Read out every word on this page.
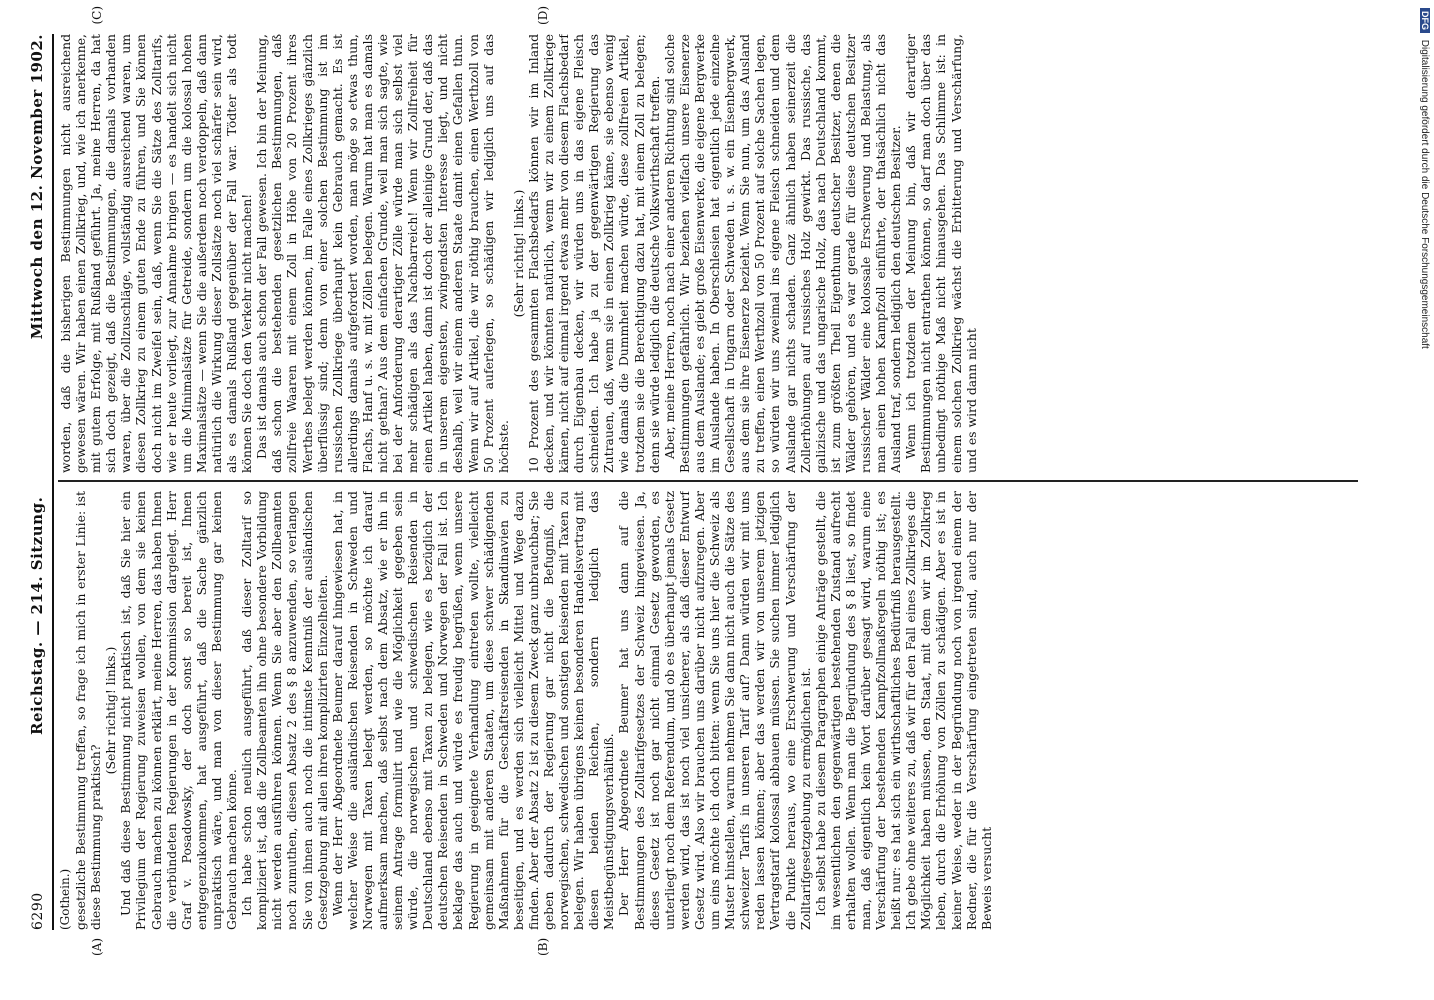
6290
Reichstag. — 214. Sitzung.
Mittwoch den 12. November 1902.

(Gothein.) gesetzliche Bestimmung treffen, so frage ich mich in erster Linie: ist diese Bestimmung praktisch?

(Sehr richtig! links.) Und daß diese Bestimmung nicht praktisch ist, daß Sie hier ein Privilegium der Regierung zuweisen wollen, von dem sie keinen Gebrauch machen zu können erklärt, meine Herren, das haben Ihnen die verbündeten Regierungen in der Kommission dargelegt. Herr Graf v. Posadowsky, der doch sonst so bereit ist, Ihnen entgegenzukommen, hat ausgeführt, daß die Sache gänzlich unpraktisch wäre, und man von dieser Bestimmung gar keinen Gebrauch machen könne. Ich habe schon neulich ausgeführt, daß dieser Zolltarif so kompliziert ist, daß die Zollbeamten ihn ohne besondere Vorbildung nicht werden ausführen können. Wenn Sie aber den Zollbeamten noch zumuthen, diesen Absatz 2 des § 8 anzuwenden, so verlangen Sie von ihnen auch noch die intimste Kenntniß der ausländischen Gesetzgebung mit allen ihren komplizirten Einzelheiten. Wenn der Herr Abgeordnete Beumer darauf hingewiesen hat, in welcher Weise die ausländischen Reisenden in Schweden und Norwegen mit Taxen belegt werden, so möchte ich darauf aufmerksam machen, daß selbst nach dem Absatz, wie er ihn in seinem Antrage formulirt und wie die Möglichkeit gegeben sein würde, die norwegischen und schwedischen Reisenden in Deutschland ebenso mit Taxen zu belegen, wie es bezüglich der deutschen Reisenden in Schweden und Norwegen der Fall ist. Ich beklage das auch und würde es freudig begrüßen, wenn unsere Regierung in geeignete Verhandlung eintreten wollte, vielleicht gemeinsam mit anderen Staaten, um diese schwer schädigenden Maßnahmen für die Geschäftsreisenden in Skandinavien zu beseitigen, und es werden sich vielleicht Mittel und Wege dazu finden. Aber der Absatz 2 ist zu diesem Zweck ganz unbrauchbar; Sie geben dadurch der Regierung gar nicht die Befugniß, die norwegischen, schwedischen und sonstigen Reisenden mit Taxen zu belegen. Wir haben übrigens keinen besonderen Handelsvertrag mit diesen beiden Reichen, sondern lediglich das Meistbegünstigungsverhältniß. Der Herr Abgeordnete Beumer hat uns dann auf die Bestimmungen des Zolltarifgesetzes der Schweiz hingewiesen. Ja, dieses Gesetz ist noch gar nicht einmal Gesetz geworden, es unterliegt noch dem Referendum, und ob es überhaupt jemals Gesetz werden wird, das ist noch viel unsicherer, als daß dieser Entwurf Gesetz wird. Also wir brauchen uns darüber nicht aufzuregen. Aber um eins möchte ich doch bitten: wenn Sie uns hier die Schweiz als Muster hinstellen, warum nehmen Sie dann nicht auch die Sätze des schweizer Tarifs in unseren Tarif auf? Dann würden wir mit uns reden lassen können; aber das werden wir von unserem jetzigen Vertragstarif kolossal abbauen müssen. Sie suchen immer lediglich die Punkte heraus, wo eine Erschwerung und Verschärfung der Zolltarifgesetzgebung zu ermöglichen ist. Ich selbst habe zu diesem Paragraphen einige Anträge gestellt, die im wesentlichen den gegenwärtigen bestehenden Zustand aufrecht erhalten wollen. Wenn man die Begründung des § 8 liest, so findet man, daß eigentlich kein Wort darüber gesagt wird, warum eine Verschärfung der bestehenden Kampfzollmaßregeln nöthig ist; es heißt nur: es hat sich ein wirthschaftliches Bedürfniß herausgestellt. Ich gebe ohne weiteres zu, daß wir für den Fall eines Zollkrieges die Möglichkeit haben müssen, den Staat, mit dem wir im Zollkrieg leben, durch die Erhöhung von Zöllen zu schädigen. Aber es ist in keiner Weise, weder in der Begründung noch von irgend einem der Redner, die für die Verschärfung eingetreten sind, auch nur der Beweis versucht

worden, daß die bisherigen Bestimmungen nicht ausreichend gewesen wären. Wir haben einen Zollkrieg, und, wie ich anerkenne, mit gutem Erfolge, mit Rußland geführt. Ja, meine Herren, da hat sich doch gezeigt, daß die Bestimmungen, die damals vorhanden waren, über die Zollzuschläge, vollständig ausreichend waren, um diesen Zollkrieg zu einem guten Ende zu führen, und Sie können doch nicht im Zweifel sein, daß, wenn Sie die Sätze des Zolltarifs, wie er heute vorliegt, zur Annahme bringen — es handelt sich nicht um die Minimalsätze für Getreide, sondern um die kolossal hohen Maximalsätze — wenn Sie die außerdem noch verdoppeln, daß dann natürlich die Wirkung dieser Zollsätze noch viel schärfer sein wird, als es damals Rußland gegenüber der Fall war. Tödter als todt können Sie doch den Verkehr nicht machen! Das ist damals auch schon der Fall gewesen. Ich bin der Meinung, daß schon die bestehenden gesetzlichen Bestimmungen, daß zollfreie Waaren mit einem Zoll in Höhe von 20 Prozent ihres Werthes belegt werden können, im Falle eines Zollkrieges gänzlich überflüssig sind; denn von einer solchen Bestimmung ist im russischen Zollkriege überhaupt kein Gebrauch gemacht. Es ist allerdings damals aufgefordert worden, man möge so etwas thun, Flachs, Hanf u. s. w. mit Zöllen belegen. Warum hat man es damals nicht gethan? Aus dem einfachen Grunde, weil man sich sagte, wie bei der Anforderung derartiger Zölle würde man sich selbst viel mehr schädigen als das Nachbarreich! Wenn wir Zollfreiheit für einen Artikel haben, dann ist doch der alleinige Grund der, daß das in unserem eigensten, zwingendsten Interesse liegt, und nicht deshalb, weil wir einem anderen Staate damit einen Gefallen thun. Wenn wir auf Artikel, die wir nöthig brauchen, einen Werthzoll von 50 Prozent auferlegen, so schädigen wir lediglich uns auf das höchste.

(Sehr richtig! links.) 10 Prozent des gesammten Flachsbedarfs können wir im Inland decken, und wir könnten natürlich, wenn wir zu einem Zollkriege kämen, nicht auf einmal irgend etwas mehr von diesem Flachsbedarf durch Eigenbau decken, wir würden uns in das eigene Fleisch schneiden. Ich habe ja zu der gegenwärtigen Regierung das Zutrauen, daß, wenn sie in einen Zollkrieg käme, sie ebenso wenig wie damals die Dummheit machen würde, diese zollfreien Artikel, trotzdem sie die Berechtigung dazu hat, mit einem Zoll zu belegen; denn sie würde lediglich die deutsche Volkswirthschaft treffen. Aber, meine Herren, noch nach einer anderen Richtung sind solche Bestimmungen gefährlich. Wir beziehen vielfach unsere Eisenerze aus dem Auslande; es giebt große Eisenwerke, die eigene Bergwerke im Auslande haben. In Oberschlesien hat eigentlich jede einzelne Gesellschaft in Ungarn oder Schweden u. s. w. ein Eisenbergwerk, aus dem sie ihre Eisenerze bezieht. Wenn Sie nun, um das Ausland zu treffen, einen Werthzoll von 50 Prozent auf solche Sachen legen, so würden wir uns zweimal ins eigene Fleisch schneiden und dem Auslande gar nichts schaden. Ganz ähnlich haben seinerzeit die Zollerhöhungen auf russisches Holz gewirkt. Das russische, das galizische und das ungarische Holz, das nach Deutschland kommt, ist zum größten Theil Eigenthum deutscher Besitzer, denen die Wälder gehören, und es war gerade für diese deutschen Besitzer russischer Wälder eine kolossale Erschwerung und Belastung, als man einen hohen Kampfzoll einführte, der thatsächlich nicht das Ausland traf, sondern lediglich den deutschen Besitzer. Wenn ich trotzdem der Meinung bin, daß wir derartiger Bestimmungen nicht entrathen können, so darf man doch über das unbedingt nöthige Maß nicht hinausgehen. Das Schlimme ist: in einem solchen Zollkrieg wächst die Erbitterung und Verschärfung, und es wird dann nicht

(A)	(B)
(C)	(D)	DFG Digitalisierung gefördert durch die Deutsche Forschungsgemeinschaft
